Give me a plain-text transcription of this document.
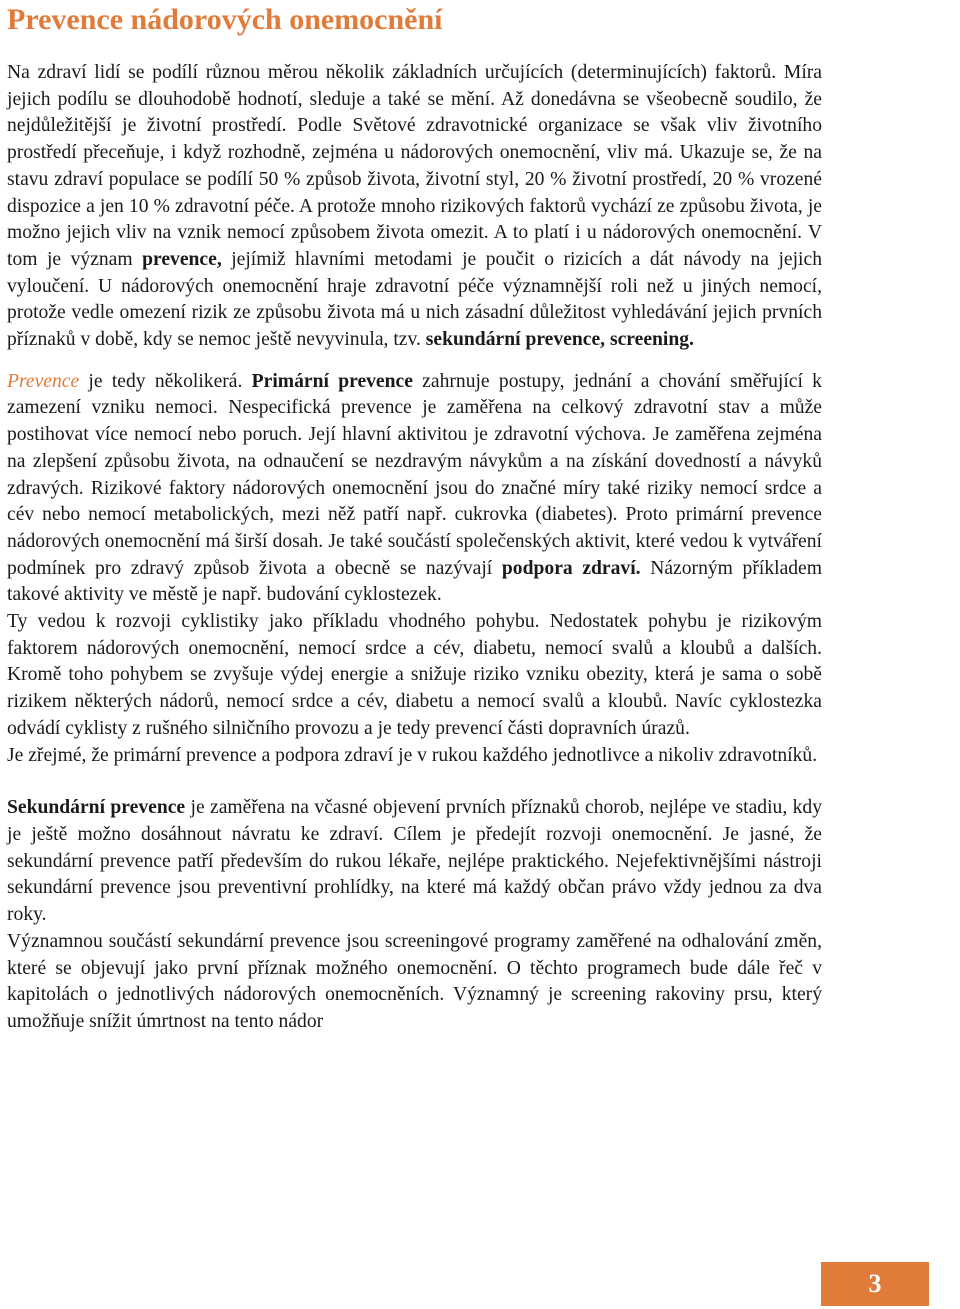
Prevence nádorových onemocnění

Na zdraví lidí se podílí různou měrou několik základních určujících (determinujících) faktorů. Míra jejich podílu se dlouhodobě hodnotí, sleduje a také se mění. Až donedávna se všeobecně soudilo, že nejdůležitější je životní prostředí. Podle Světové zdravotnické organizace se však vliv životního prostředí přeceňuje, i když rozhodně, zejména u nádorových onemocnění, vliv má. Ukazuje se, že na stavu zdraví populace se podílí 50 % způsob života, životní styl, 20 % životní prostředí, 20 % vrozené dispozice a jen 10 % zdravotní péče. A protože mnoho rizikových faktorů vychází ze způsobu života, je možno jejich vliv na vznik nemocí způsobem života omezit. A to platí i u nádorových onemocnění. V tom je význam prevence, jejímiž hlavními metodami je poučit o rizicích a dát návody na jejich vyloučení. U nádorových onemocnění hraje zdravotní péče významnější roli než u jiných nemocí, protože vedle omezení rizik ze způsobu života má u nich zásadní důležitost vyhledávání jejich prvních příznaků v době, kdy se nemoc ještě nevyvinula, tzv. sekundární prevence, screening.

Prevence je tedy několikerá. Primární prevence zahrnuje postupy, jednání a chování směřující k zamezení vzniku nemoci. Nespecifická prevence je zaměřena na celkový zdravotní stav a může postihovat více nemocí nebo poruch. Její hlavní aktivitou je zdravotní výchova. Je zaměřena zejména na zlepšení způsobu života, na odnaučení se nezdravým návykům a na získání dovedností a návyků zdravých. Rizikové faktory nádorových onemocnění jsou do značné míry také riziky nemocí srdce a cév nebo nemocí metabolických, mezi něž patří např. cukrovka (diabetes). Proto primární prevence nádorových onemocnění má širší dosah. Je také součástí společenských aktivit, které vedou k vytváření podmínek pro zdravý způsob života a obecně se nazývají podpora zdraví. Názorným příkladem takové aktivity ve městě je např. budování cyklostezek.

Ty vedou k rozvoji cyklistiky jako příkladu vhodného pohybu. Nedostatek pohybu je rizikovým faktorem nádorových onemocnění, nemocí srdce a cév, diabetu, nemocí svalů a kloubů a dalších. Kromě toho pohybem se zvyšuje výdej energie a snižuje riziko vzniku obezity, která je sama o sobě rizikem některých nádorů, nemocí srdce a cév, diabetu a nemocí svalů a kloubů. Navíc cyklostezka odvádí cyklisty z rušného silničního provozu a je tedy prevencí části dopravních úrazů.

Je zřejmé, že primární prevence a podpora zdraví je v rukou každého jednotlivce a nikoliv zdravotníků.

Sekundární prevence je zaměřena na včasné objevení prvních příznaků chorob, nejlépe ve stadiu, kdy je ještě možno dosáhnout návratu ke zdraví. Cílem je předejít rozvoji onemocnění. Je jasné, že sekundární prevence patří především do rukou lékaře, nejlépe praktického. Nejefektivnějšími nástroji sekundární prevence jsou preventivní prohlídky, na které má každý občan právo vždy jednou za dva roky.

Významnou součástí sekundární prevence jsou screeningové programy zaměřené na odhalování změn, které se objevují jako první příznak možného onemocnění. O těchto programech bude dále řeč v kapitolách o jednotlivých nádorových onemocněních. Významný je screening rakoviny prsu, který umožňuje snížit úmrtnost na tento nádor

3
